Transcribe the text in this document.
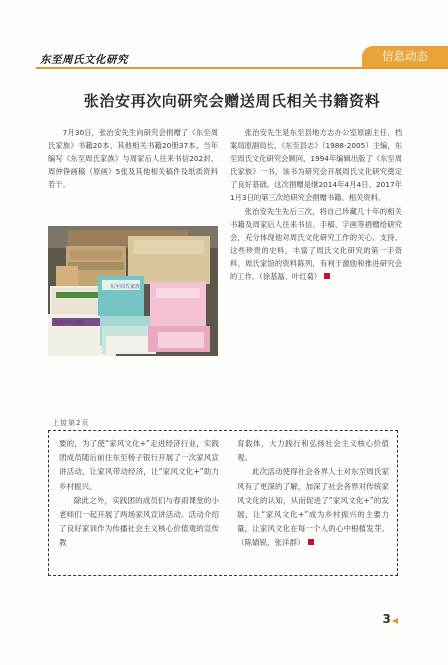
东至周氏文化研究	信息动态
张治安再次向研究会赠送周氏相关书籍资料

7月30日，张治安先生向研究会捐赠了《东至周氏家族》书籍20本、其他相关书籍20册37本、当年编写《东至周氏家族》与周家后人往来书信202封、周仲铮画稿（原画）5张及其他相关稿件及纸质资料若干。

东至周氏家族
东至周氏家族

张治安先生是东至县地方志办公室原副主任、档案局原副局长，《东至县志》（1988-2005）主编，东至周氏文化研究会顾问，1994年编辑出版了《东至周氏家族》一书，该书为研究会开展周氏文化研究奠定了良好基础。这次捐赠是继2014年4月4日、2017年1月3日的第三次给研究会捐赠书籍、相关资料。

张治安先生先后三次，将自己珍藏几十年的相关书籍及周家后人往来书信、手稿、字画等捐赠给研究会，充分体现他对周氏文化研究工作的关心、支持。这些珍贵的史料，丰富了周氏文化研究的第一手资料、周氏家馆的资料陈列，有利于激励和推进研究会的工作。（徐基磊、叶红菊）

上接第2页

要的，为了使“家风文化+”走进经济行业，实践团成员随后前往东至杨子银行开展了一次家风宣讲活动，让家风带动经济，让“家风文化+”助力乡村振兴。

除此之外，实践团的成员们与春雨课堂的小老师们一起开展了两场家风宣讲活动。活动介绍了良好家训作为传播社会主义核心价值观的宣传教

育载体，大力践行和弘扬社会主义核心价值观。

此次活动使得社会各界人士对东至周氏家风有了更深的了解，加深了社会各界对传统家风文化的认知，从而促进了“家风文化+”的发展，让“家风文化+”成为乡村振兴的主要力量，让家风文化在每一个人的心中根植发芽。（陈婧锐、张洋群）

3◀
